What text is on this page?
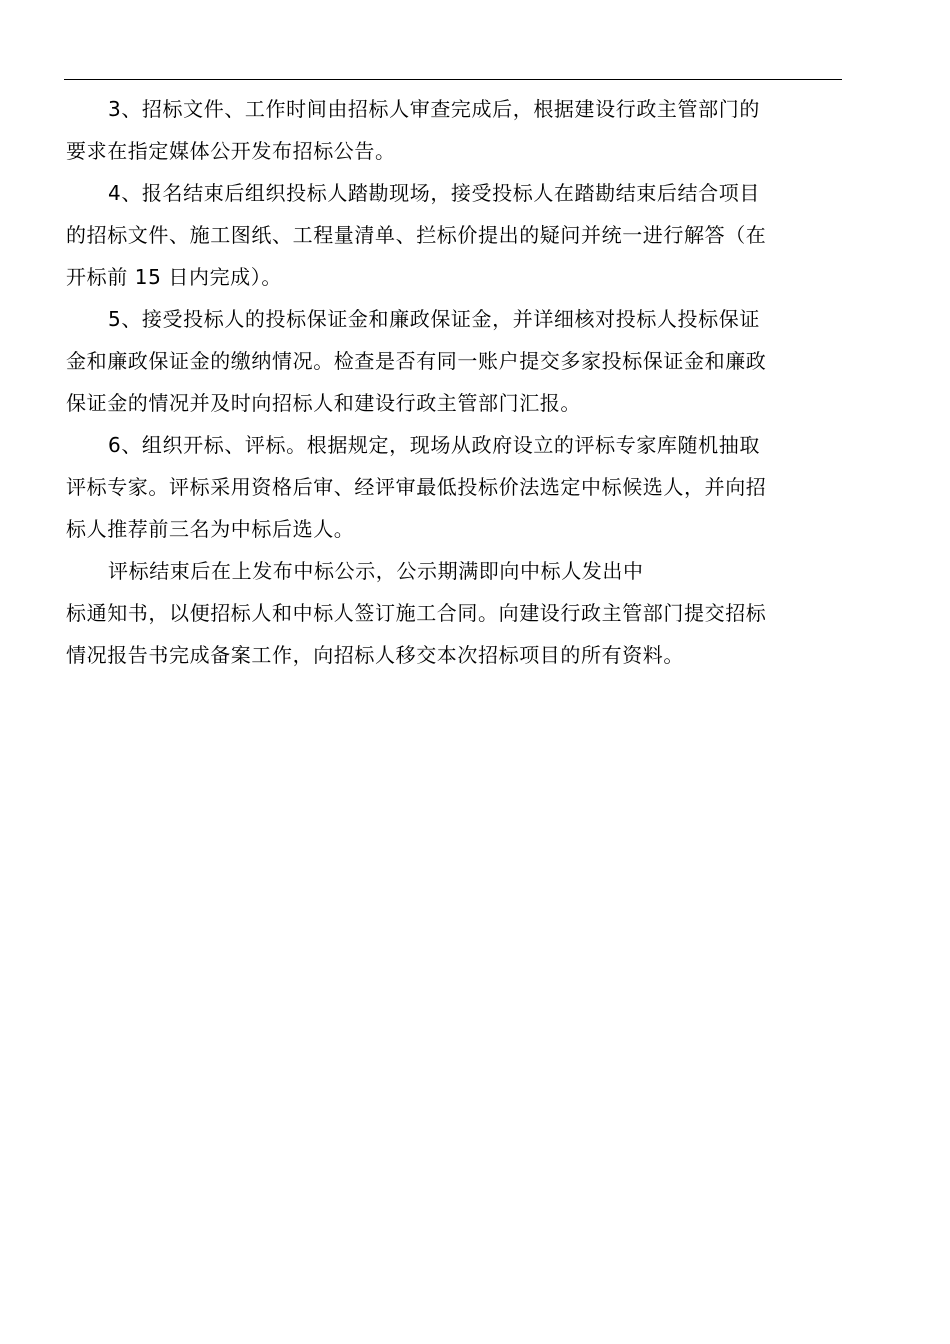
3、招标文件、工作时间由招标人审查完成后，根据建设行政主管部门的
要求在指定媒体公开发布招标公告。

4、报名结束后组织投标人踏勘现场，接受投标人在踏勘结束后结合项目
的招标文件、施工图纸、工程量清单、拦标价提出的疑问并统一进行解答（在
开标前 15 日内完成）。

5、接受投标人的投标保证金和廉政保证金，并详细核对投标人投标保证
金和廉政保证金的缴纳情况。检查是否有同一账户提交多家投标保证金和廉政
保证金的情况并及时向招标人和建设行政主管部门汇报。

6、组织开标、评标。根据规定，现场从政府设立的评标专家库随机抽取
评标专家。评标采用资格后审、经评审最低投标价法选定中标候选人，并向招
标人推荐前三名为中标后选人。

评标结束后在上发布中标公示，公示期满即向中标人发出中
标通知书，以便招标人和中标人签订施工合同。向建设行政主管部门提交招标
情况报告书完成备案工作，向招标人移交本次招标项目的所有资料。
